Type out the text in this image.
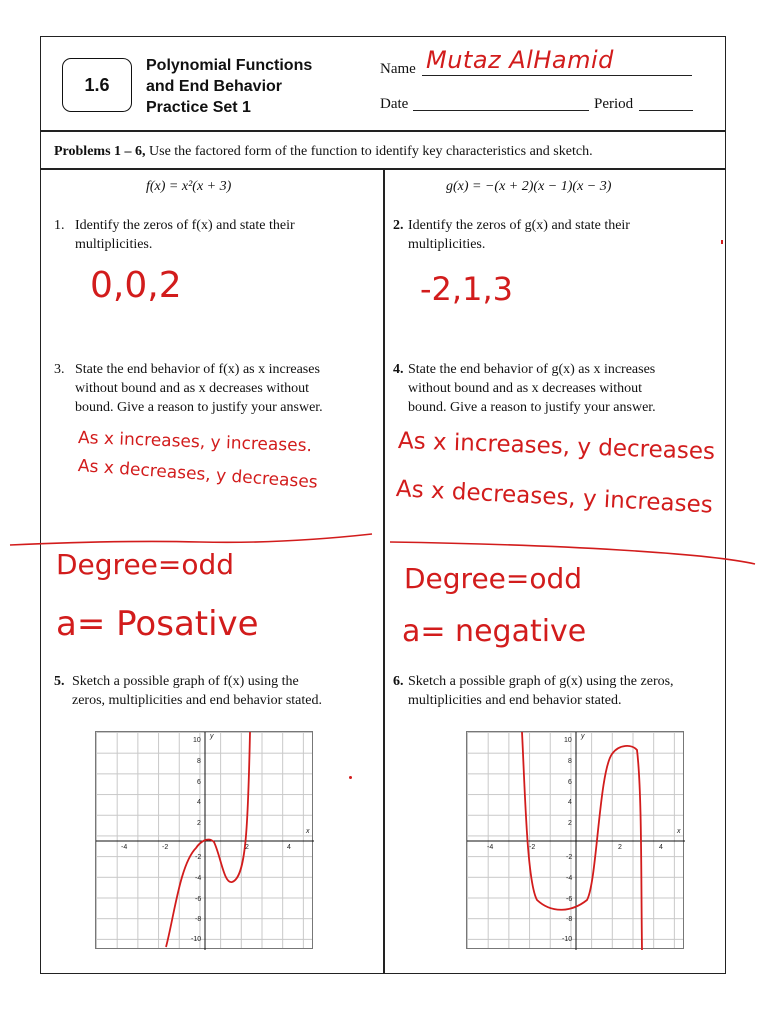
1.6
Polynomial Functions
and End Behavior
Practice Set 1
Name Mutaz AlHamid
Date	Period
Problems 1 – 6, Use the factored form of the function to identify key characteristics and sketch.
f(x) = x²(x + 3)	g(x) = −(x + 2)(x − 1)(x − 3)
1. Identify the zeros of f(x) and state their
multiplicities.
0,0,2
2. Identify the zeros of g(x) and state their
multiplicities.
-2,1,3
3. State the end behavior of f(x) as x increases
without bound and as x decreases without
bound. Give a reason to justify your answer.
As x increases, y increases.
As x decreases, y decreases
4. State the end behavior of g(x) as x increases
without bound and as x decreases without
bound. Give a reason to justify your answer.
As x increases, y decreases
As x decreases, y increases
Degree=odd
a= Posative
Degree=odd
a= negative
5. Sketch a possible graph of f(x) using the
zeros, multiplicities and end behavior stated.
6. Sketch a possible graph of g(x) using the zeros,
multiplicities and end behavior stated.
-4	-2	2	4
x
y
10
8
6
4
2
-2
-4
-6
-8
-10
-4	-2	2	4
x
y
10
8
6
4
2
-2
-4
-6
-8
-10
